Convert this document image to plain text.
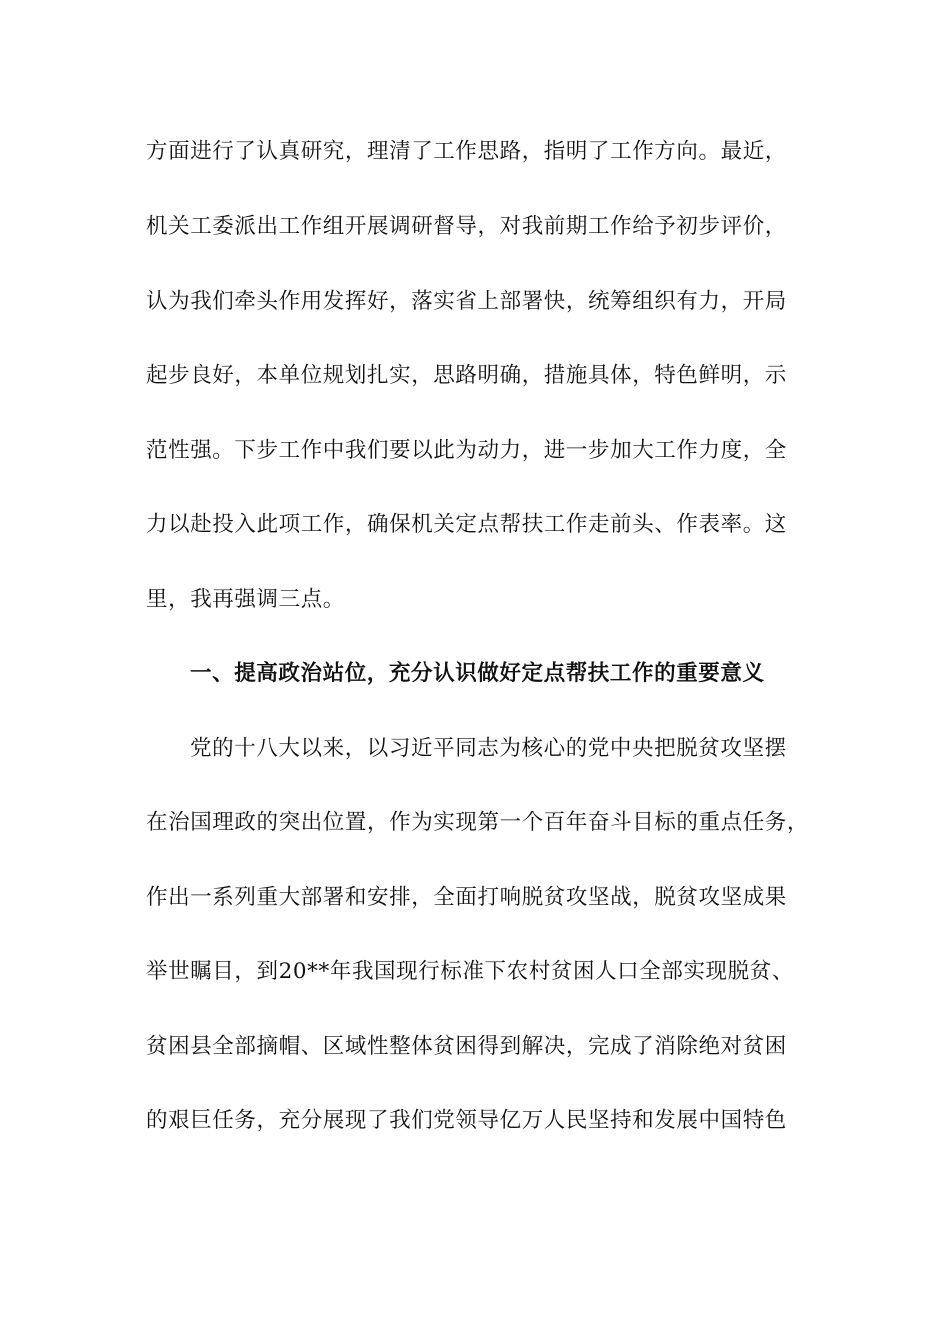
方面进行了认真研究，理清了工作思路，指明了工作方向。最近，
机关工委派出工作组开展调研督导，对我前期工作给予初步评价，
认为我们牵头作用发挥好，落实省上部署快，统筹组织有力，开局
起步良好，本单位规划扎实，思路明确，措施具体，特色鲜明，示
范性强。下步工作中我们要以此为动力，进一步加大工作力度，全
力以赴投入此项工作，确保机关定点帮扶工作走前头、作表率。这
里，我再强调三点。
一、提高政治站位，充分认识做好定点帮扶工作的重要意义
党的十八大以来，以习近平同志为核心的党中央把脱贫攻坚摆
在治国理政的突出位置，作为实现第一个百年奋斗目标的重点任务，
作出一系列重大部署和安排，全面打响脱贫攻坚战，脱贫攻坚成果
举世瞩目，到20**年我国现行标准下农村贫困人口全部实现脱贫、
贫困县全部摘帽、区域性整体贫困得到解决，完成了消除绝对贫困
的艰巨任务，充分展现了我们党领导亿万人民坚持和发展中国特色
